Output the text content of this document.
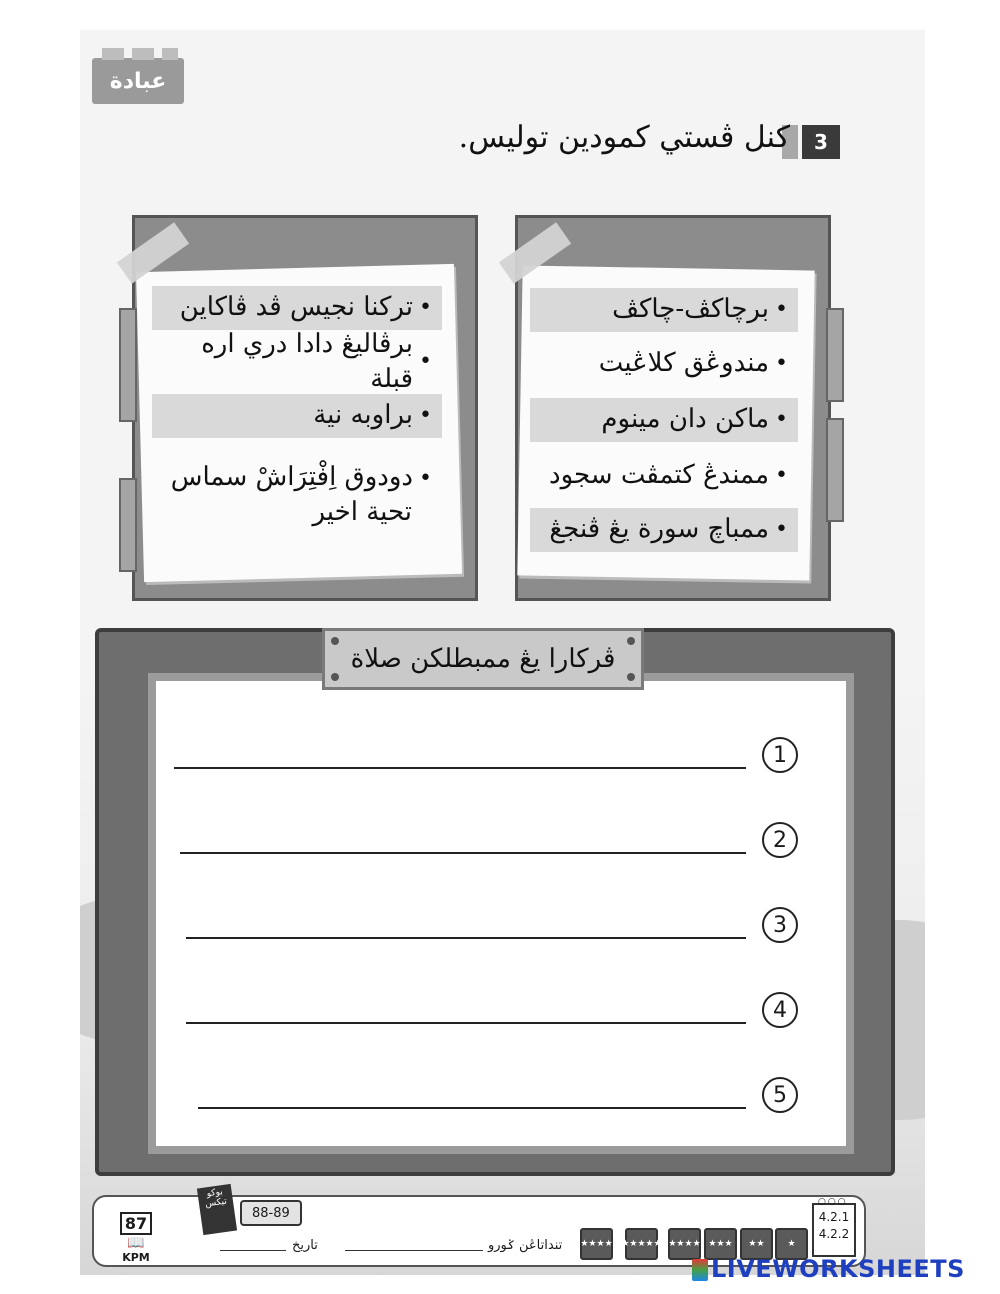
عبادة
3
كنل ڤستي كمودين توليس.
•
تركنا نجيس ڤد ڤاكاين
•
برڤاليڠ دادا دري اره قبلة
•
براوبه نية
•دودوق اِفْتِرَاشْ سماس
تحية اخير
•
برچاكڤ-چاكڤ
•
مندوڠق كلاڠيت
•
ماكن دان مينوم
•
ممندڠ كتمڤت سجود
•
ممباچ سورة يڠ ڤنجڠ
ڤركارا يڠ ممبطلكن صلاة
1
2
3
4
5
87
📖
KPM
بوكو تيكس
88-89
تاريخ	تنداتاڠن ݢورو ★★★★★★ ★★★★★ ★★★★ ★★★	★★	★
○○○
4.2.1
4.2.2
LIVEWORKSHEETS
